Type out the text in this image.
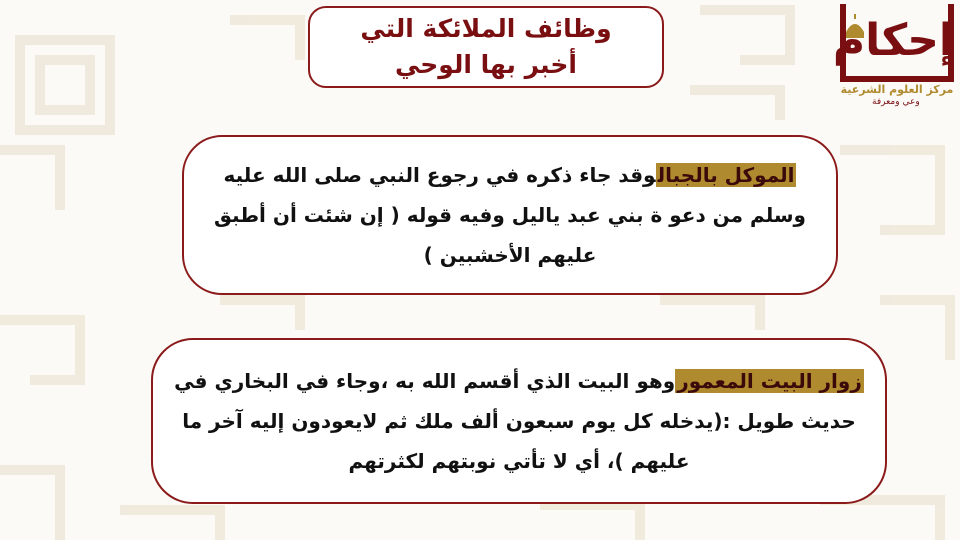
وظائف الملائكة التي أخبر بها الوحي	إحكام
مركز العلوم الشرعية
وعي ومعرفة
الموكل بالجبالوقد جاء ذكره في رجوع النبي صلى الله عليه وسلم من دعو ة بني عبد ياليل وفيه قوله ( إن شئت أن أطبق عليهم الأخشبين )
زوار البيت المعموروهو البيت الذي أقسم الله به ،وجاء في البخاري في حديث طويل :(يدخله كل يوم سبعون ألف ملك ثم لايعودون إليه آخر ما عليهم )، أي لا تأتي نوبتهم لكثرتهم
